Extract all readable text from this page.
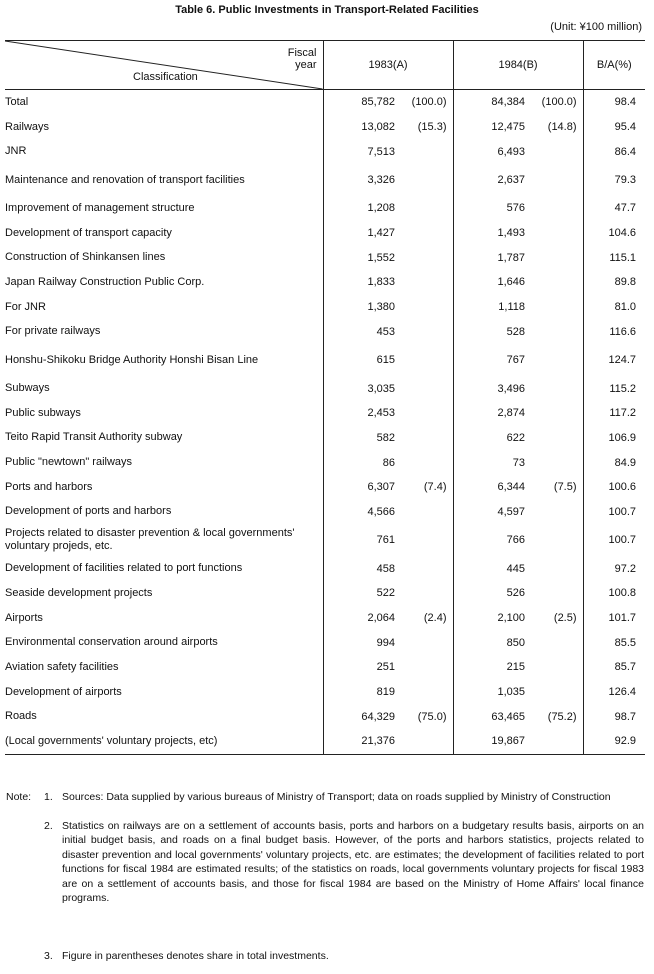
Table 6. Public Investments in Transport-Related Facilities
(Unit: ¥100 million)
Fiscal year
Classification	1983(A)		1984(B)		B/A(%)
Total	85,782	(100.0)	84,384	(100.0)	98.4
Railways	13,082	(15.3)	12,475	(14.8)	95.4
JNR	7,513		6,493		86.4
Maintenance and renovation of transport facilities	3,326		2,637		79.3
Improvement of management structure	1,208		576		47.7
Development of transport capacity	1,427		1,493		104.6
Construction of Shinkansen lines	1,552		1,787		115.1
Japan Railway Construction Public Corp.	1,833		1,646		89.8
For JNR	1,380		1,118		81.0
For private railways	453		528		116.6
Honshu-Shikoku Bridge Authority Honshi Bisan Line	615		767		124.7
Subways	3,035		3,496		115.2
Public subways	2,453		2,874		117.2
Teito Rapid Transit Authority subway	582		622		106.9
Public "newtown" railways	86		73		84.9
Ports and harbors	6,307	(7.4)	6,344	(7.5)	100.6
Development of ports and harbors	4,566		4,597		100.7
Projects related to disaster prevention & local governments' voluntary projeds, etc.	761		766		100.7
Development of facilities related to port functions	458		445		97.2
Seaside development projects	522		526		100.8
Airports	2,064	(2.4)	2,100	(2.5)	101.7
Environmental conservation around airports	994		850		85.5
Aviation safety facilities	251		215		85.7
Development of airports	819		1,035		126.4
Roads	64,329	(75.0)	63,465	(75.2)	98.7
(Local governments' voluntary projects, etc)	21,376		19,867		92.9
Note: 1. Sources: Data supplied by various bureaus of Ministry of Transport; data on roads supplied by Ministry of Construction
2. Statistics on railways are on a settlement of accounts basis, ports and harbors on a budgetary results basis, airports on an initial budget basis, and roads on a final budget basis. However, of the ports and harbors statistics, projects related to disaster prevention and local governments' voluntary projects, etc. are estimates; the development of facilities related to port functions for fiscal 1984 are estimated results; of the statistics on roads, local governments voluntary projects for fiscal 1983 are on a settlement of accounts basis, and those for fiscal 1984 are based on the Ministry of Home Affairs' local finance programs.
3. Figure in parentheses denotes share in total investments.
